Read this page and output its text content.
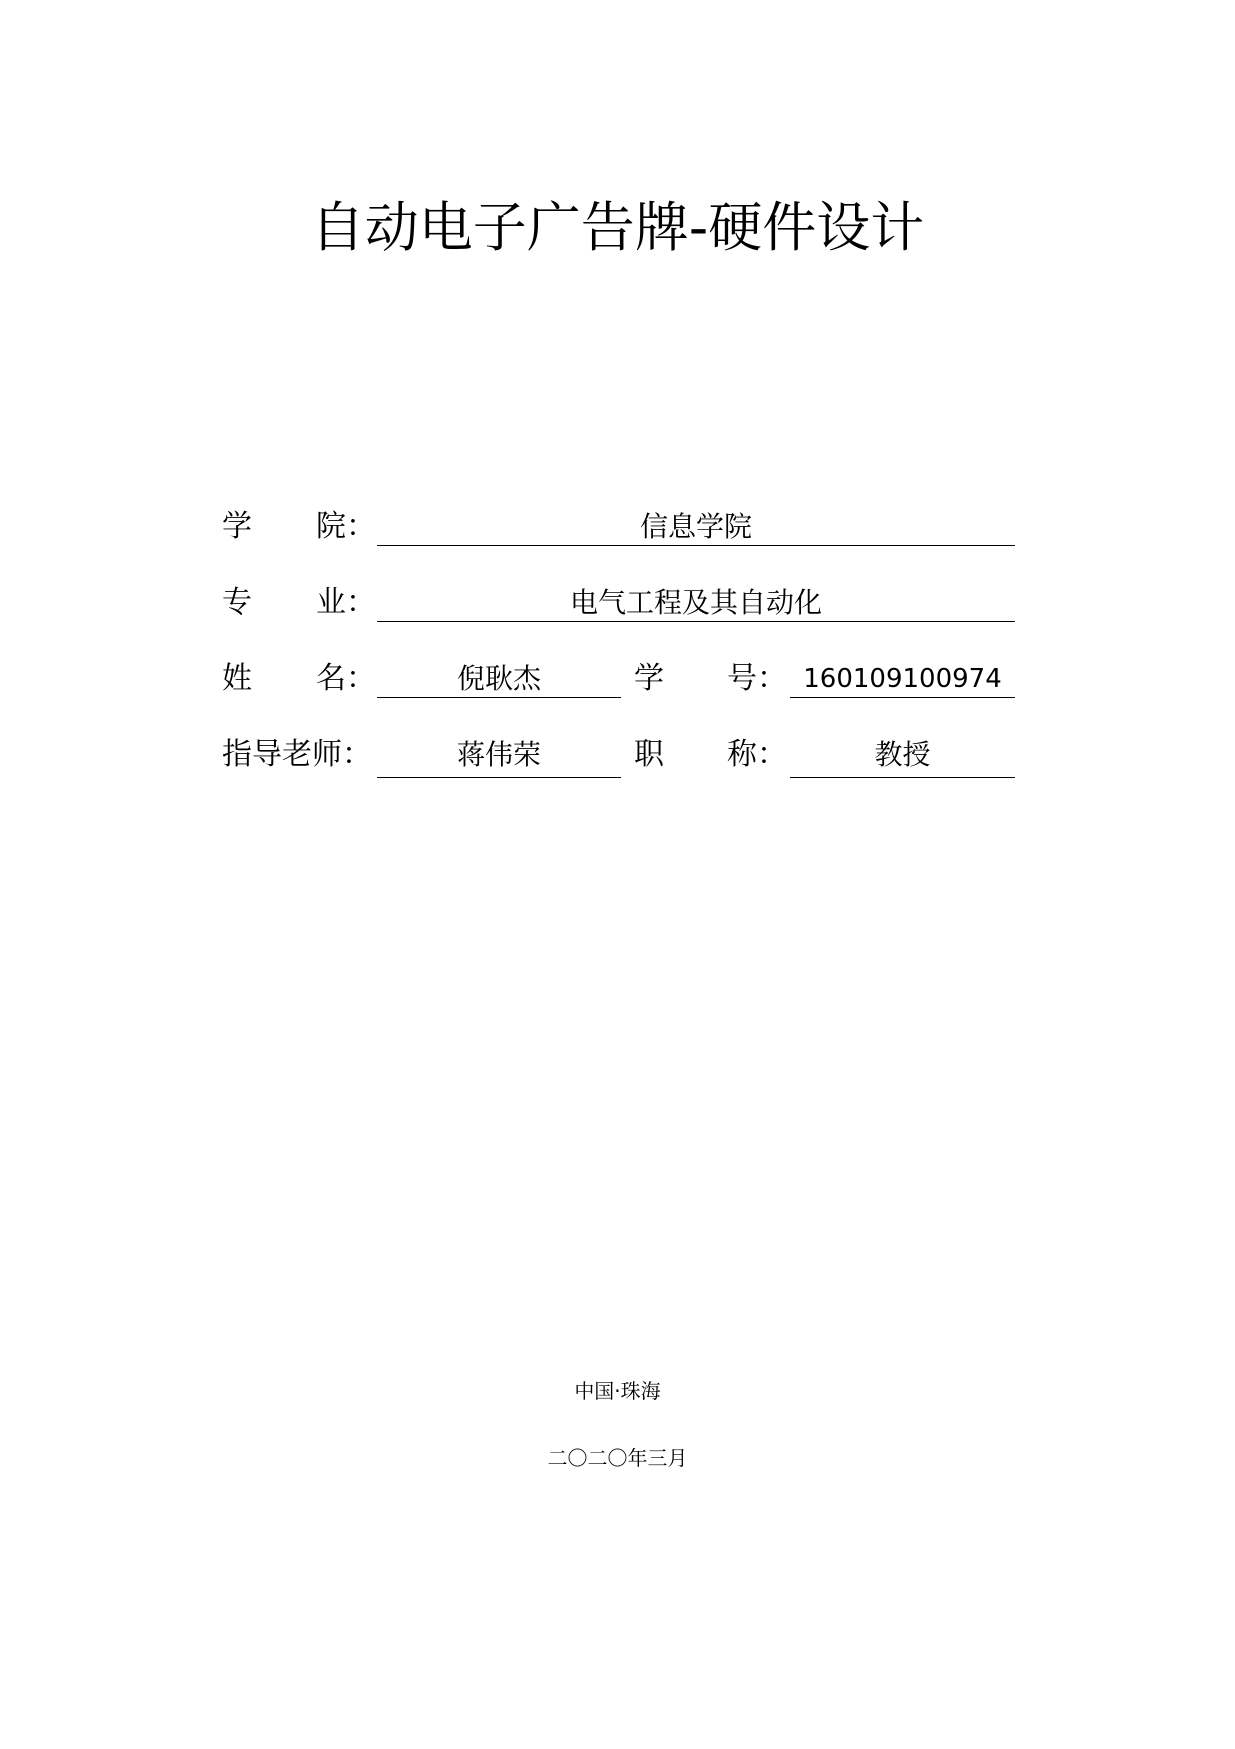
自动电子广告牌-硬件设计
学 院：	信息学院
专 业：	电气工程及其自动化
姓 名：	倪耿杰	学 号： 160109100974
指导老师：	蒋伟荣	职 称：	教授
中国·珠海
二〇二〇年三月
